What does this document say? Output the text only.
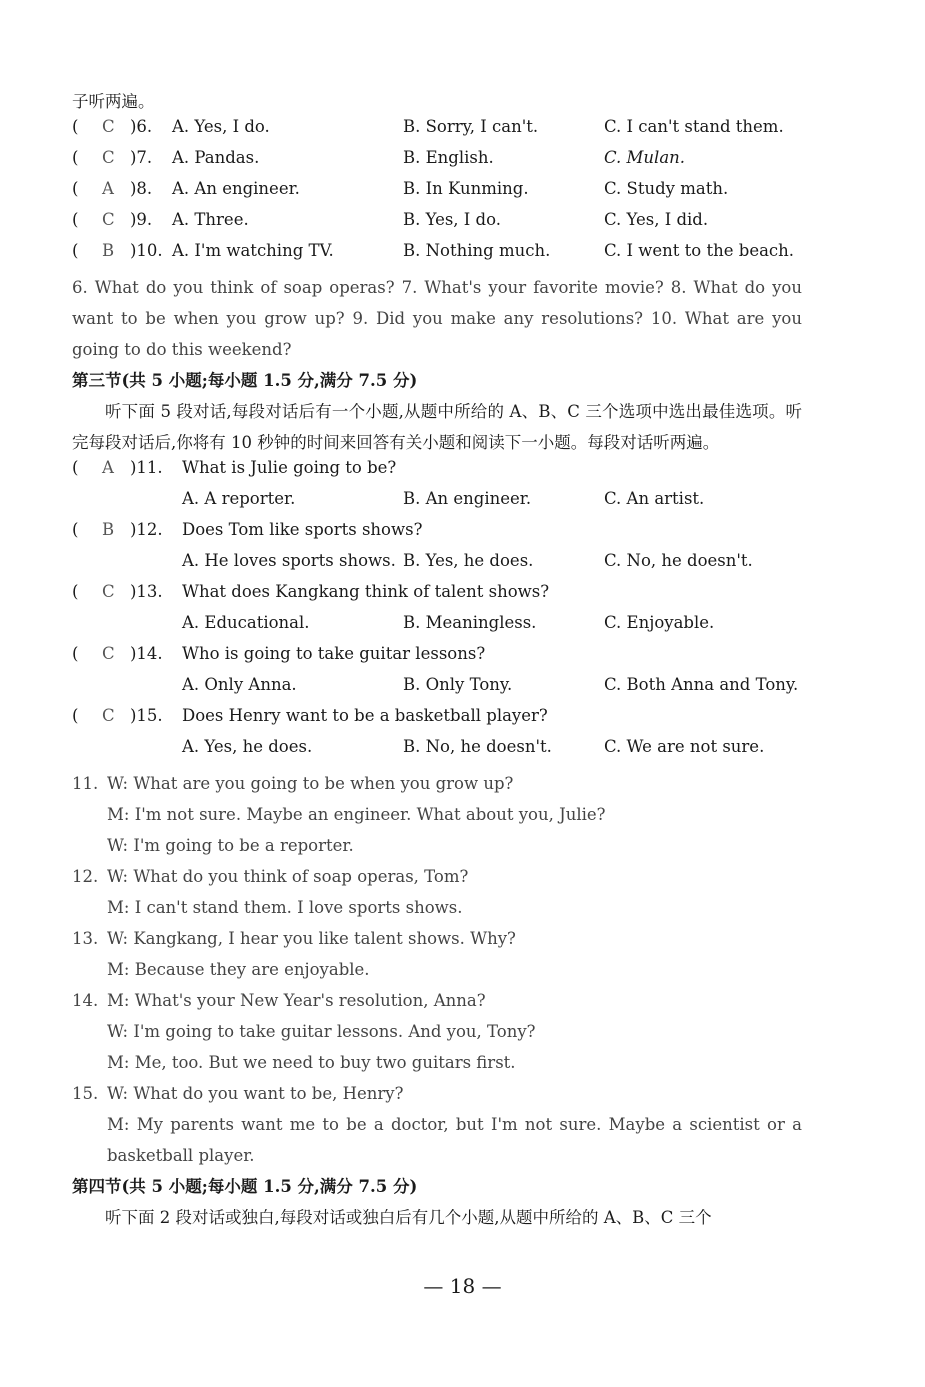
子听两遍。
( C )6. A. Yes, I do.	B. Sorry, I can't.	C. I can't stand them.
( C )7. A. Pandas.	B. English.	C. Mulan.
( A )8. A. An engineer.	B. In Kunming.	C. Study math.
( C )9. A. Three.	B. Yes, I do.	C. Yes, I did.
( B )10. A. I'm watching TV.	B. Nothing much.	C. I went to the beach.
6. What do you think of soap operas? 7. What's your favorite movie? 8. What do you want to be when you grow up? 9. Did you make any resolutions? 10. What are you going to do this weekend?
第三节(共 5 小题;每小题 1.5 分,满分 7.5 分)
听下面 5 段对话,每段对话后有一个小题,从题中所给的 A、B、C 三个选项中选出最佳选项。听完每段对话后,你将有 10 秒钟的时间来回答有关小题和阅读下一小题。每段对话听两遍。
( A )11. What is Julie going to be?
A. A reporter.	B. An engineer.	C. An artist.
( B )12. Does Tom like sports shows?
A. He loves sports shows. B. Yes, he does.	C. No, he doesn't.
( C )13. What does Kangkang think of talent shows?
A. Educational.	B. Meaningless.	C. Enjoyable.
( C )14. Who is going to take guitar lessons?
A. Only Anna.	B. Only Tony.	C. Both Anna and Tony.
( C )15. Does Henry want to be a basketball player?
A. Yes, he does.	B. No, he doesn't.	C. We are not sure.
11. W: What are you going to be when you grow up?
M: I'm not sure. Maybe an engineer. What about you, Julie?
W: I'm going to be a reporter.
12. W: What do you think of soap operas, Tom?
M: I can't stand them. I love sports shows.
13. W: Kangkang, I hear you like talent shows. Why?
M: Because they are enjoyable.
14. M: What's your New Year's resolution, Anna?
W: I'm going to take guitar lessons. And you, Tony?
M: Me, too. But we need to buy two guitars first.
15. W: What do you want to be, Henry?
M: My parents want me to be a doctor, but I'm not sure. Maybe a scientist or a basketball player.
第四节(共 5 小题;每小题 1.5 分,满分 7.5 分)
听下面 2 段对话或独白,每段对话或独白后有几个小题,从题中所给的 A、B、C 三个
— 18 —
